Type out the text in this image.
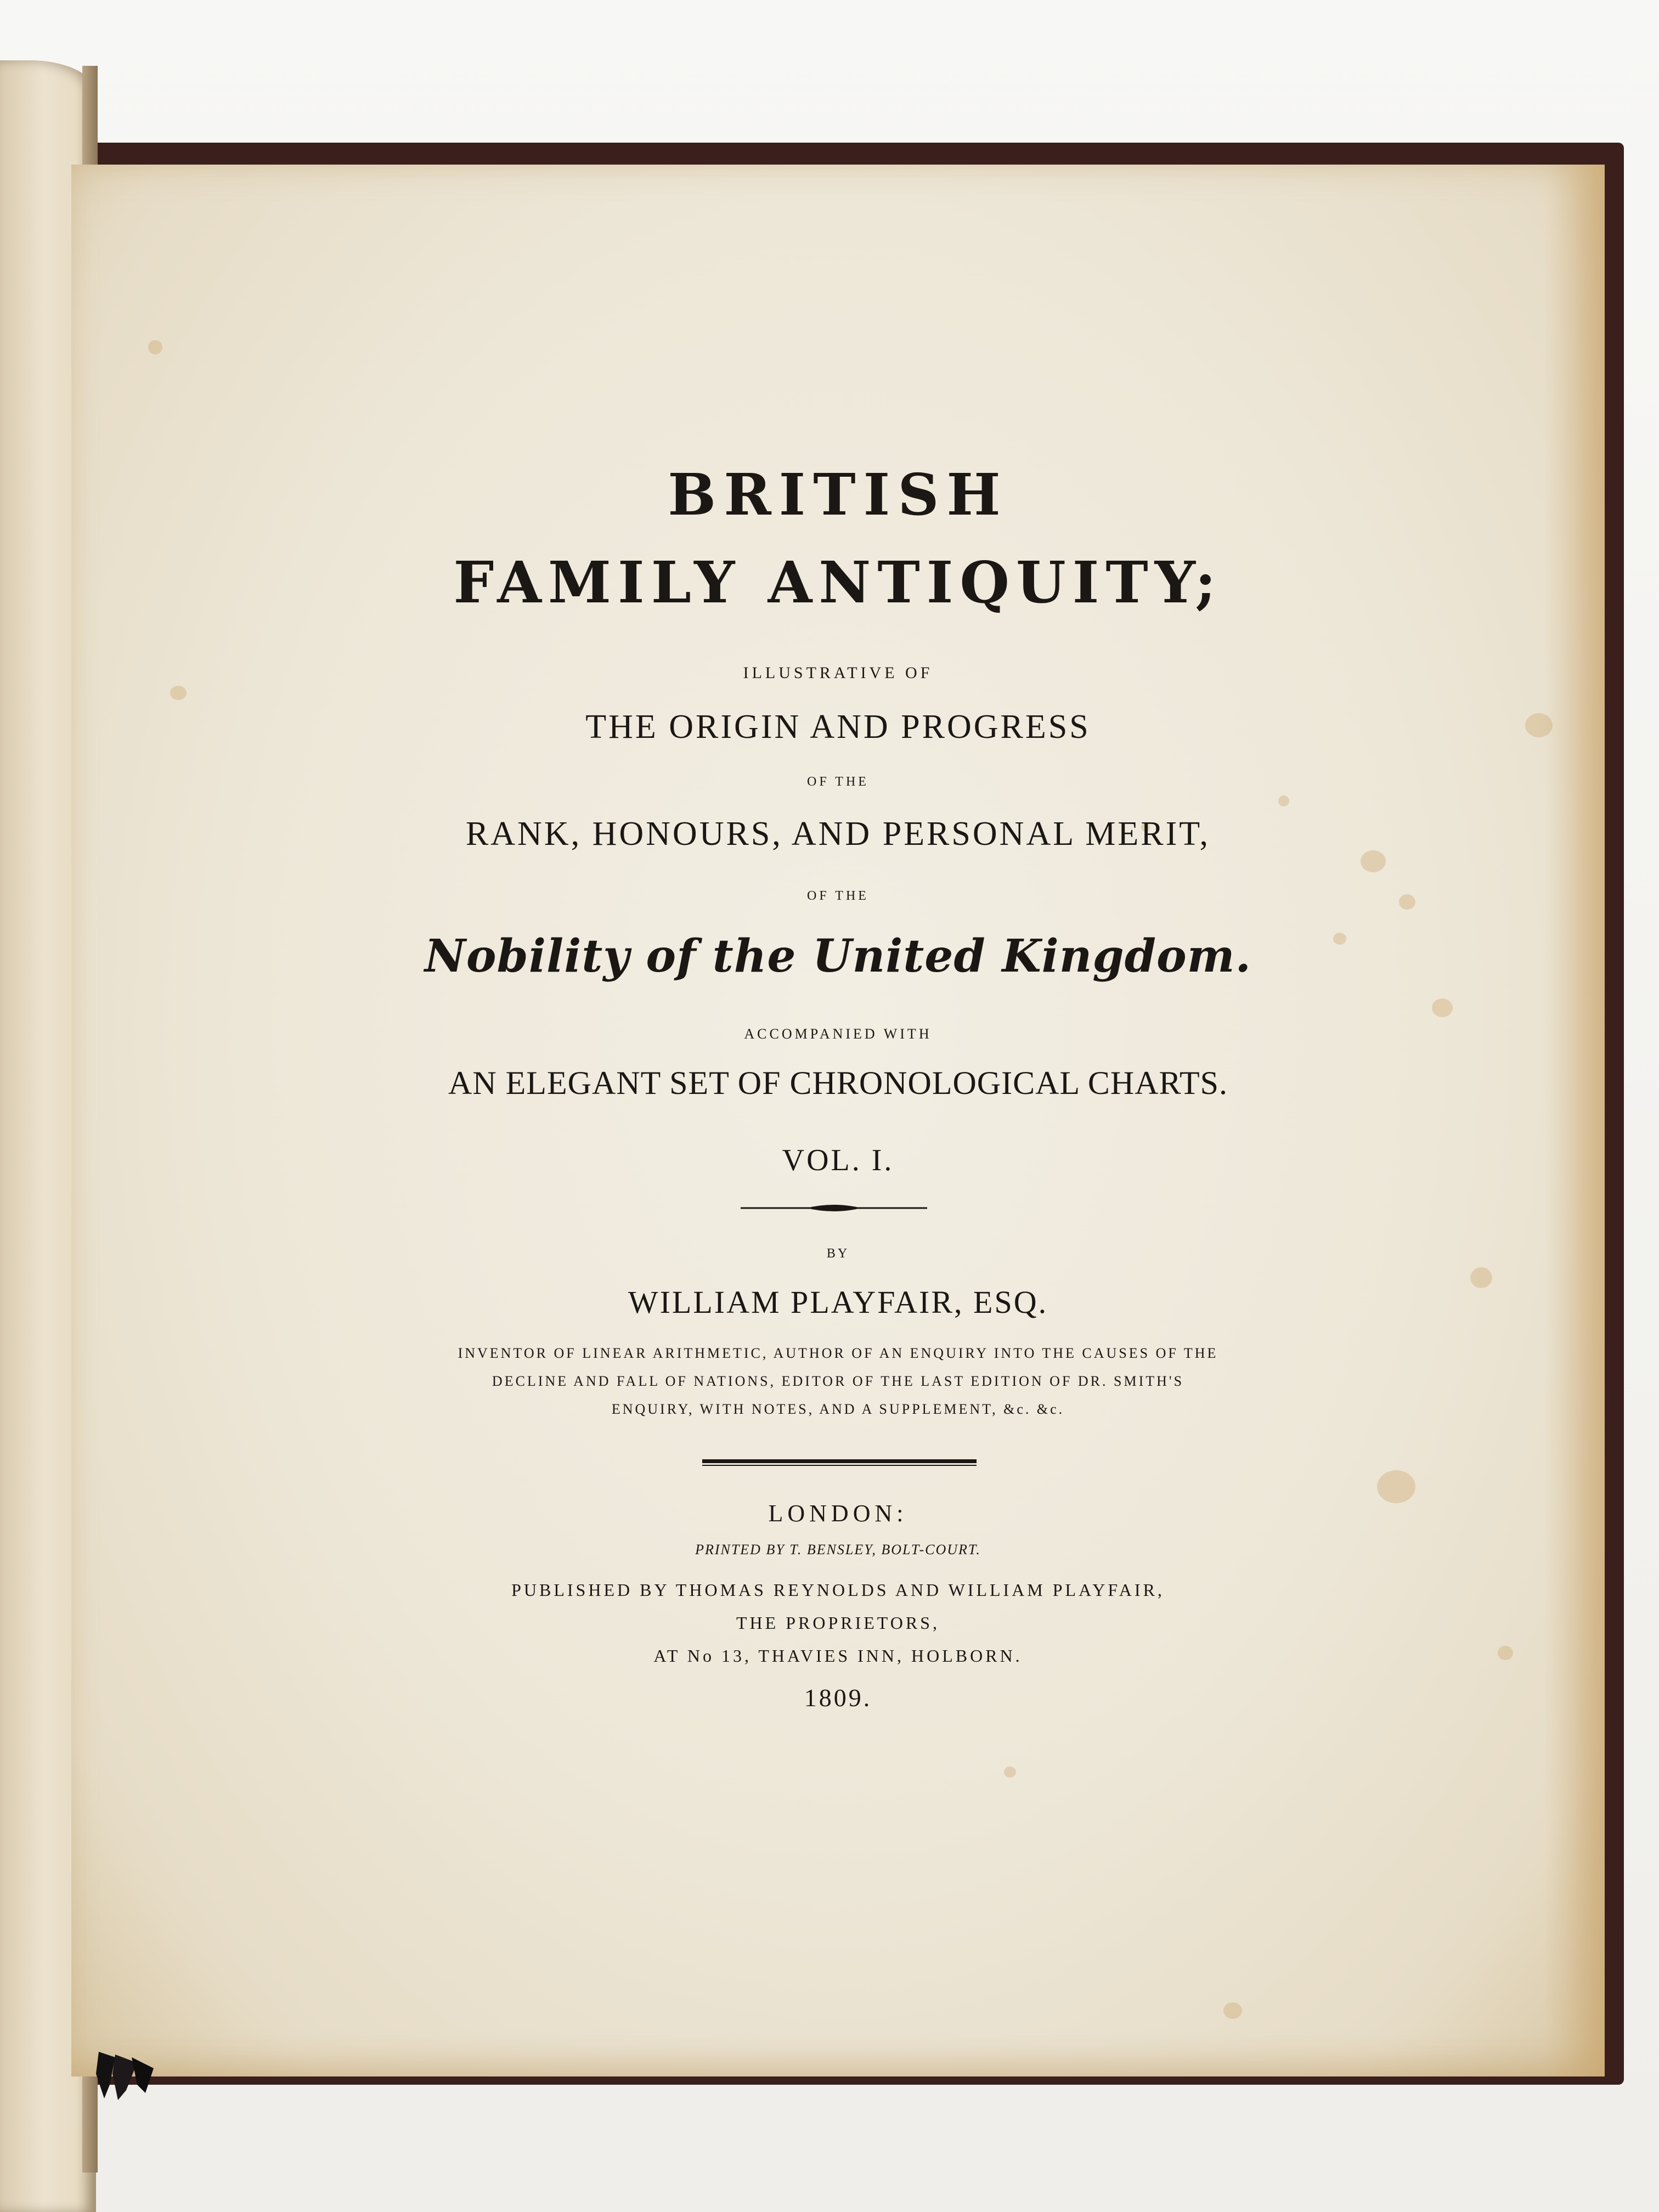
BRITISH
FAMILY ANTIQUITY;
ILLUSTRATIVE OF
THE ORIGIN AND PROGRESS
OF THE
RANK, HONOURS, AND PERSONAL MERIT,
OF THE
Nobility of the United Kingdom.
ACCOMPANIED WITH
AN ELEGANT SET OF CHRONOLOGICAL CHARTS.
VOL. I.
BY
WILLIAM PLAYFAIR, ESQ.
INVENTOR OF LINEAR ARITHMETIC, AUTHOR OF AN ENQUIRY INTO THE CAUSES OF THE
DECLINE AND FALL OF NATIONS, EDITOR OF THE LAST EDITION OF DR. SMITH'S
ENQUIRY, WITH NOTES, AND A SUPPLEMENT, &c. &c.
LONDON:
PRINTED BY T. BENSLEY, BOLT-COURT.
PUBLISHED BY THOMAS REYNOLDS AND WILLIAM PLAYFAIR,
THE PROPRIETORS,
AT No 13, THAVIES INN, HOLBORN.
1809.
